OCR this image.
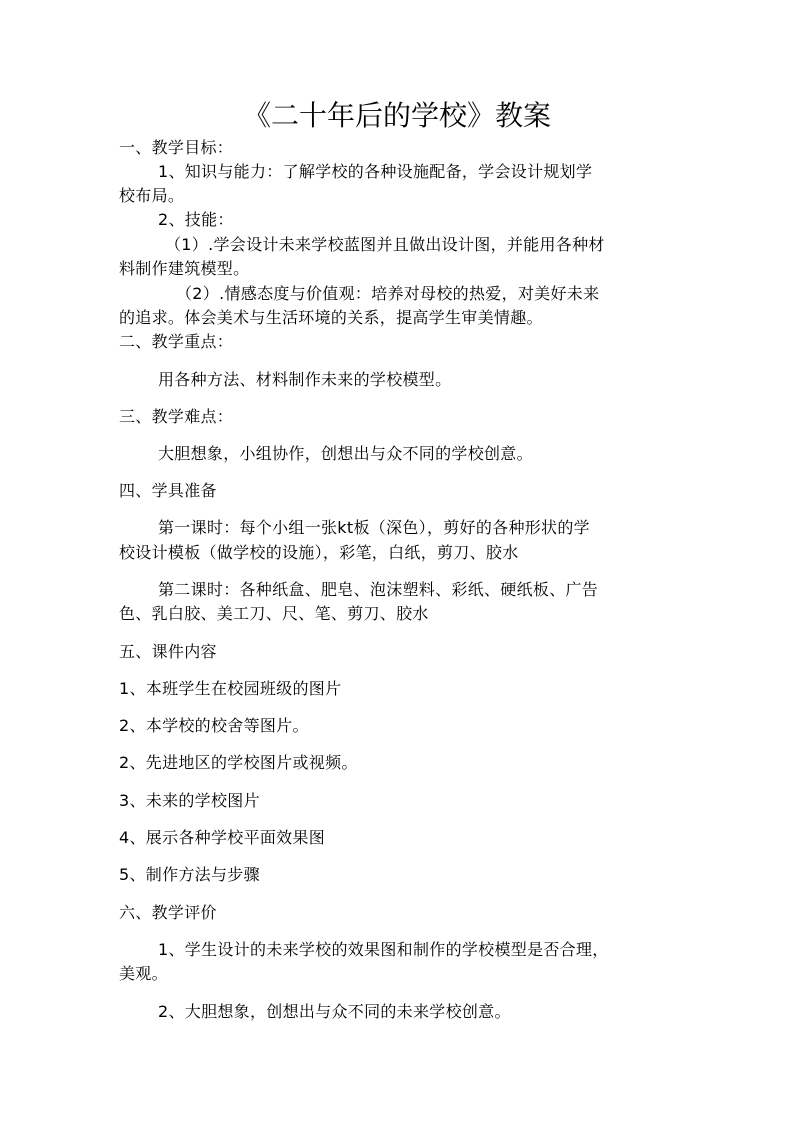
《二十年后的学校》教案
一、教学目标：
1、知识与能力：了解学校的各种设施配备，学会设计规划学
校布局。
2、技能：
（1）.学会设计未来学校蓝图并且做出设计图，并能用各种材
料制作建筑模型。
（2）.情感态度与价值观：培养对母校的热爱，对美好未来
的追求。体会美术与生活环境的关系，提高学生审美情趣。
二、教学重点：
用各种方法、材料制作未来的学校模型。
三、教学难点：
大胆想象，小组协作，创想出与众不同的学校创意。
四、学具准备
第一课时：每个小组一张kt板（深色），剪好的各种形状的学
校设计模板（做学校的设施），彩笔，白纸，剪刀、胶水
第二课时：各种纸盒、肥皂、泡沫塑料、彩纸、硬纸板、广告
色、乳白胶、美工刀、尺、笔、剪刀、胶水
五、课件内容
1、本班学生在校园班级的图片
2、本学校的校舍等图片。
2、先进地区的学校图片或视频。
3、未来的学校图片
4、展示各种学校平面效果图
5、制作方法与步骤
六、教学评价
1、学生设计的未来学校的效果图和制作的学校模型是否合理，
美观。
2、大胆想象，创想出与众不同的未来学校创意。
